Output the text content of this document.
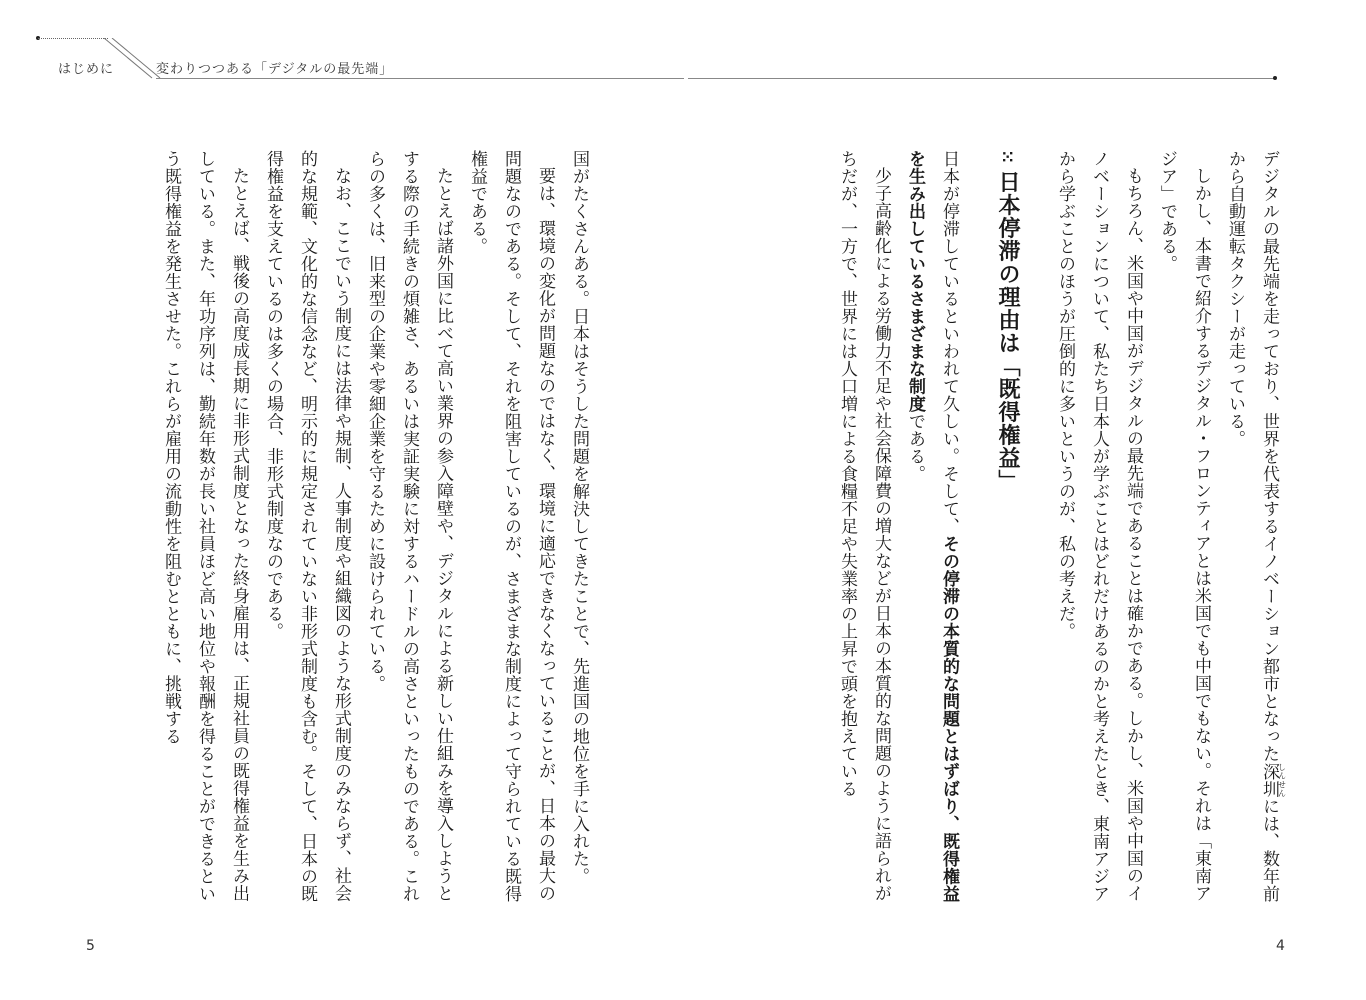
はじめに	変わりつつある「デジタルの最先端」

デジタルの最先端を走っており、世界を代表するイノベーション都市となった深圳しんせんには、数年前から自動運転タクシーが走っている。

しかし、本書で紹介するデジタル・フロンティアとは米国でも中国でもない。それは「東南アジア」である。

もちろん、米国や中国がデジタルの最先端であることは確かである。しかし、米国や中国のイノベーションについて、私たち日本人が学ぶことはどれだけあるのかと考えたとき、東南アジアから学ぶことのほうが圧倒的に多いというのが、私の考えだ。

⁙日本停滞の理由は「既得権益」

日本が停滞しているといわれて久しい。そして、その停滞の本質的な問題とはずばり、既得権益を生み出しているさまざまな制度である。

少子高齢化による労働力不足や社会保障費の増大などが日本の本質的な問題のように語られがちだが、一方で、世界には人口増による食糧不足や失業率の上昇で頭を抱えている

国がたくさんある。日本はそうした問題を解決してきたことで、先進国の地位を手に入れた。

要は、環境の変化が問題なのではなく、環境に適応できなくなっていることが、日本の最大の問題なのである。そして、それを阻害しているのが、さまざまな制度によって守られている既得権益である。

たとえば諸外国に比べて高い業界の参入障壁や、デジタルによる新しい仕組みを導入しようとする際の手続きの煩雑さ、あるいは実証実験に対するハードルの高さといったものである。これらの多くは、旧来型の企業や零細企業を守るために設けられている。

なお、ここでいう制度には法律や規制、人事制度や組織図のような形式制度のみならず、社会的な規範、文化的な信念など、明示的に規定されていない非形式制度も含む。そして、日本の既得権益を支えているのは多くの場合、非形式制度なのである。

たとえば、戦後の高度成長期に非形式制度となった終身雇用は、正規社員の既得権益を生み出している。また、年功序列は、勤続年数が長い社員ほど高い地位や報酬を得ることができるという既得権益を発生させた。これらが雇用の流動性を阻むとともに、挑戦する

5	4
